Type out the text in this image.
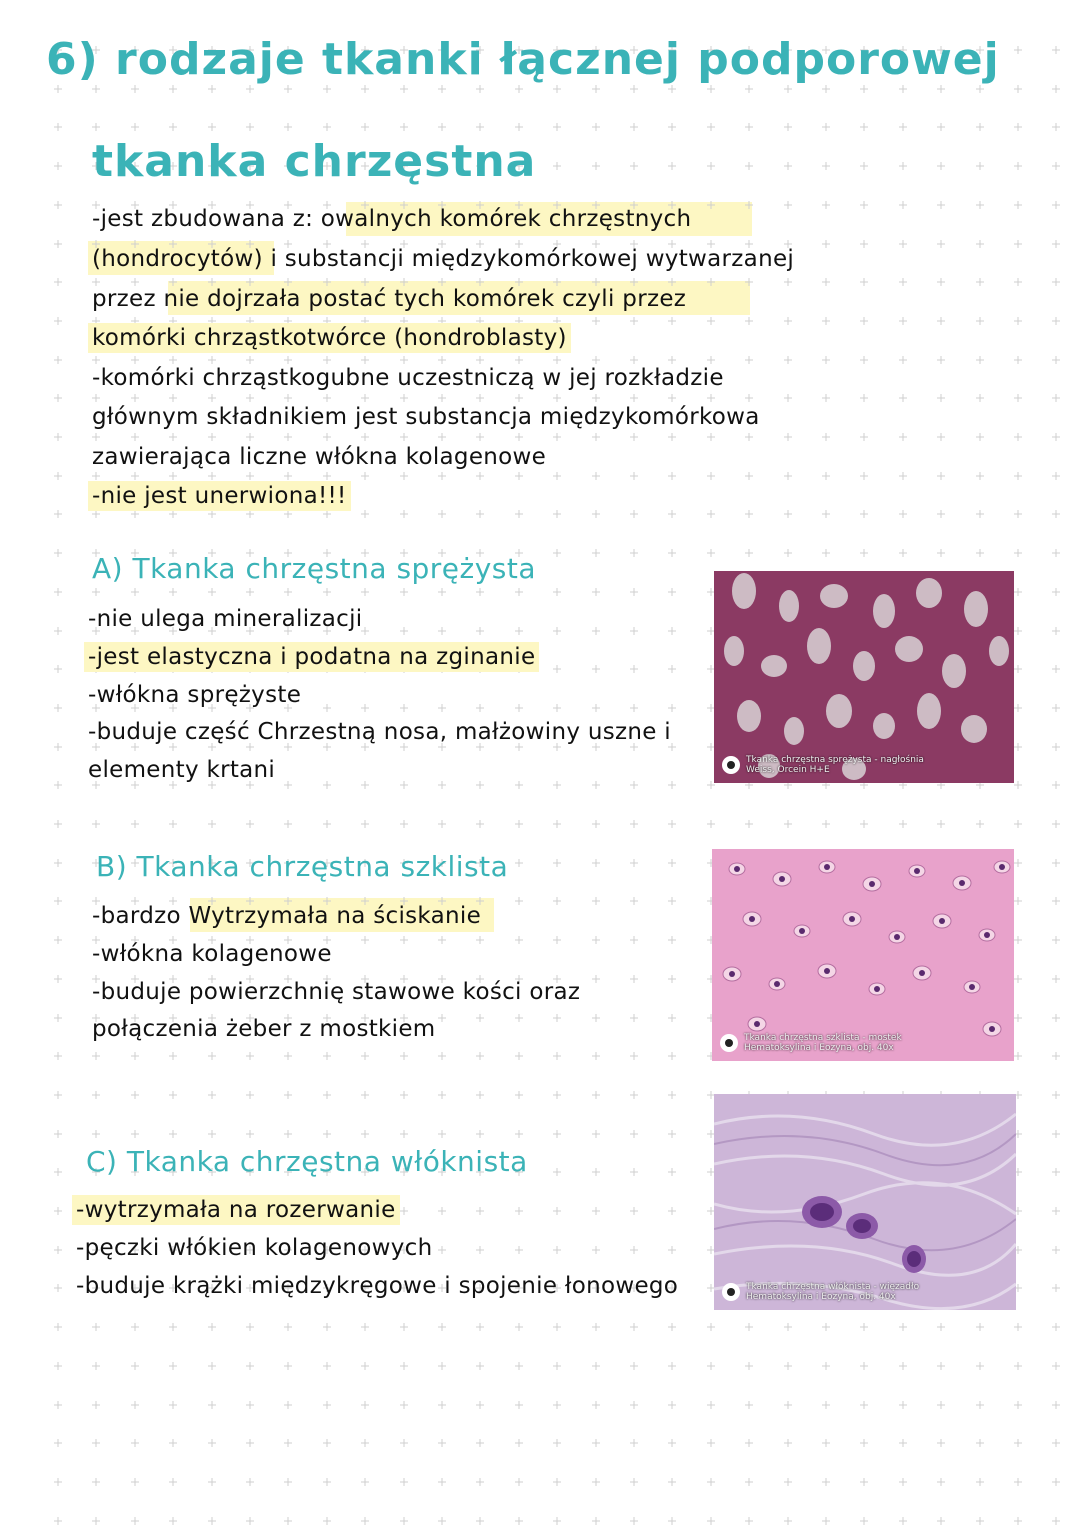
6) rodzaje tkanki łącznej podporowej
tkanka chrzęstna
-jest zbudowana z: owalnych komórek chrzęstnych
(hondrocytów) i substancji międzykomórkowej wytwarzanej
przez nie dojrzała postać tych komórek czyli przez
komórki chrząstkotwórce (hondroblasty)
-komórki chrząstkogubne uczestniczą w jej rozkładzie
głównym składnikiem jest substancja międzykomórkowa
zawierająca liczne włókna kolagenowe
-nie jest unerwiona!!!
A) Tkanka chrzęstna sprężysta
-nie ulega mineralizacji
-jest elastyczna i podatna na zginanie
-włókna sprężyste
-buduje część Chrzestną nosa, małżowiny uszne i
elementy krtani	Tkanka chrzęstna sprężysta - nagłośnia
Weiss, Orcein H+E
B) Tkanka chrzęstna szklista
-bardzo Wytrzymała na ściskanie
-włókna kolagenowe
-buduje powierzchnię stawowe kości oraz
połączenia żeber z mostkiem	Tkanka chrzęstna szklista - mostek
Hematoksylina i Eozyna, obj. 40x
C) Tkanka chrzęstna włóknista
-wytrzymała na rozerwanie
-pęczki włókien kolagenowych
-buduje krążki międzykręgowe i spojenie łonowego	Tkanka chrzęstna włóknista - więzadło
Hematoksylina i Eozyna, obj. 40x
